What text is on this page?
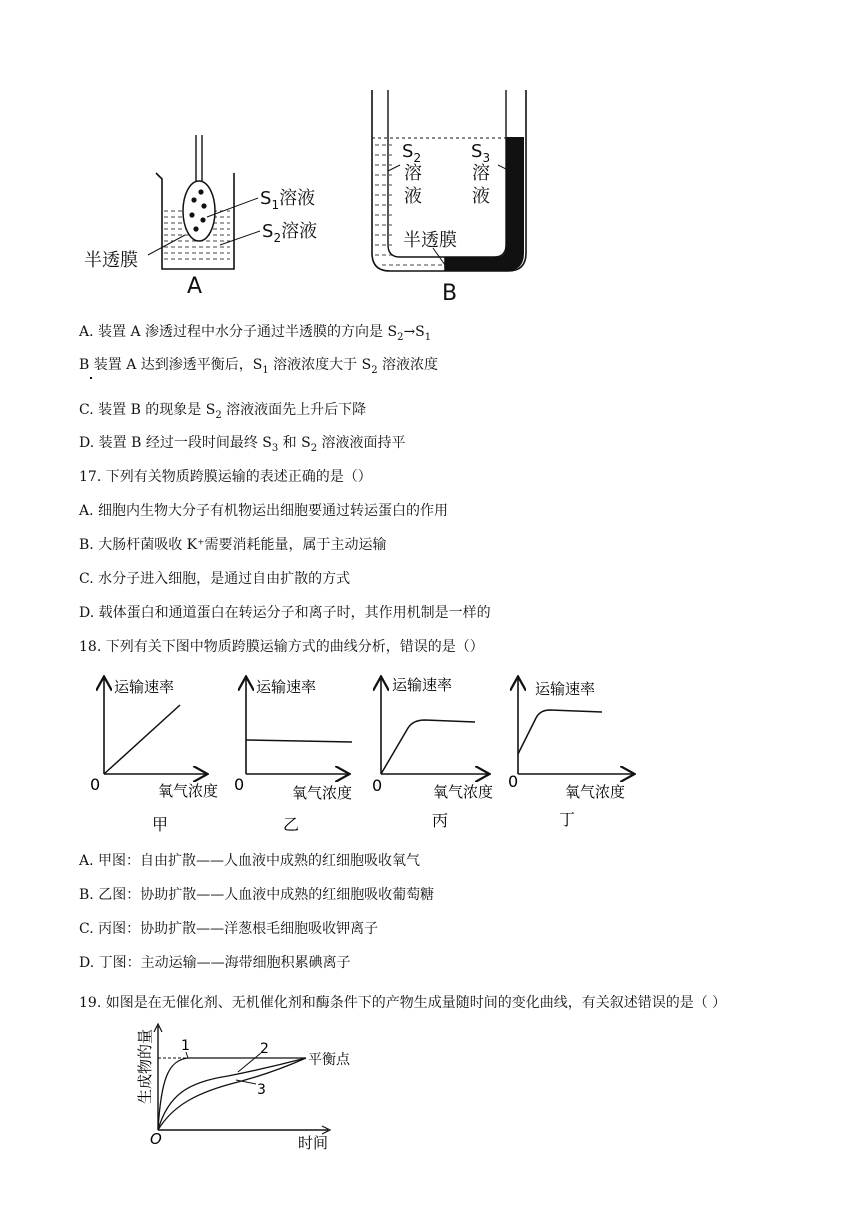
$S_1$溶液
$S_2$溶液
半透膜
A
$S_2$
溶
液
$S_3$
溶
液
半透膜
B
A. 装置 A 渗透过程中水分子通过半透膜的方向是 $S_2\to S_1$
B 装置 A 达到渗透平衡后，$S_1$ 溶液浓度大于 $S_2$ 溶液浓度
C. 装置 B 的现象是 $S_2$ 溶液液面先上升后下降
D. 装置 B 经过一段时间最终 $S_3$ 和 $S_2$ 溶液液面持平
17. 下列有关物质跨膜运输的表述正确的是（）
A. 细胞内生物大分子有机物运出细胞要通过转运蛋白的作用
B. 大肠杆菌吸收 K⁺需要消耗能量，属于主动运输
C. 水分子进入细胞，是通过自由扩散的方式
D. 载体蛋白和通道蛋白在转运分子和离子时，其作用机制是一样的
18. 下列有关下图中物质跨膜运输方式的曲线分析，错误的是（）
运输速率
0	氧气浓度
甲
运输速率
0	氧气浓度
乙
运输速率
0	氧气浓度
丙
运输速率
0
氧气浓度
丁
A. 甲图：自由扩散——人血液中成熟的红细胞吸收氧气
B. 乙图：协助扩散——人血液中成熟的红细胞吸收葡萄糖
C. 丙图：协助扩散——洋葱根毛细胞吸收钾离子
D. 丁图：主动运输——海带细胞积累碘离子
19. 如图是在无催化剂、无机催化剂和酶条件下的产物生成量随时间的变化曲线，有关叙述错误的是（ ）
1	2
3
平衡点
O	时间
生成物的量
